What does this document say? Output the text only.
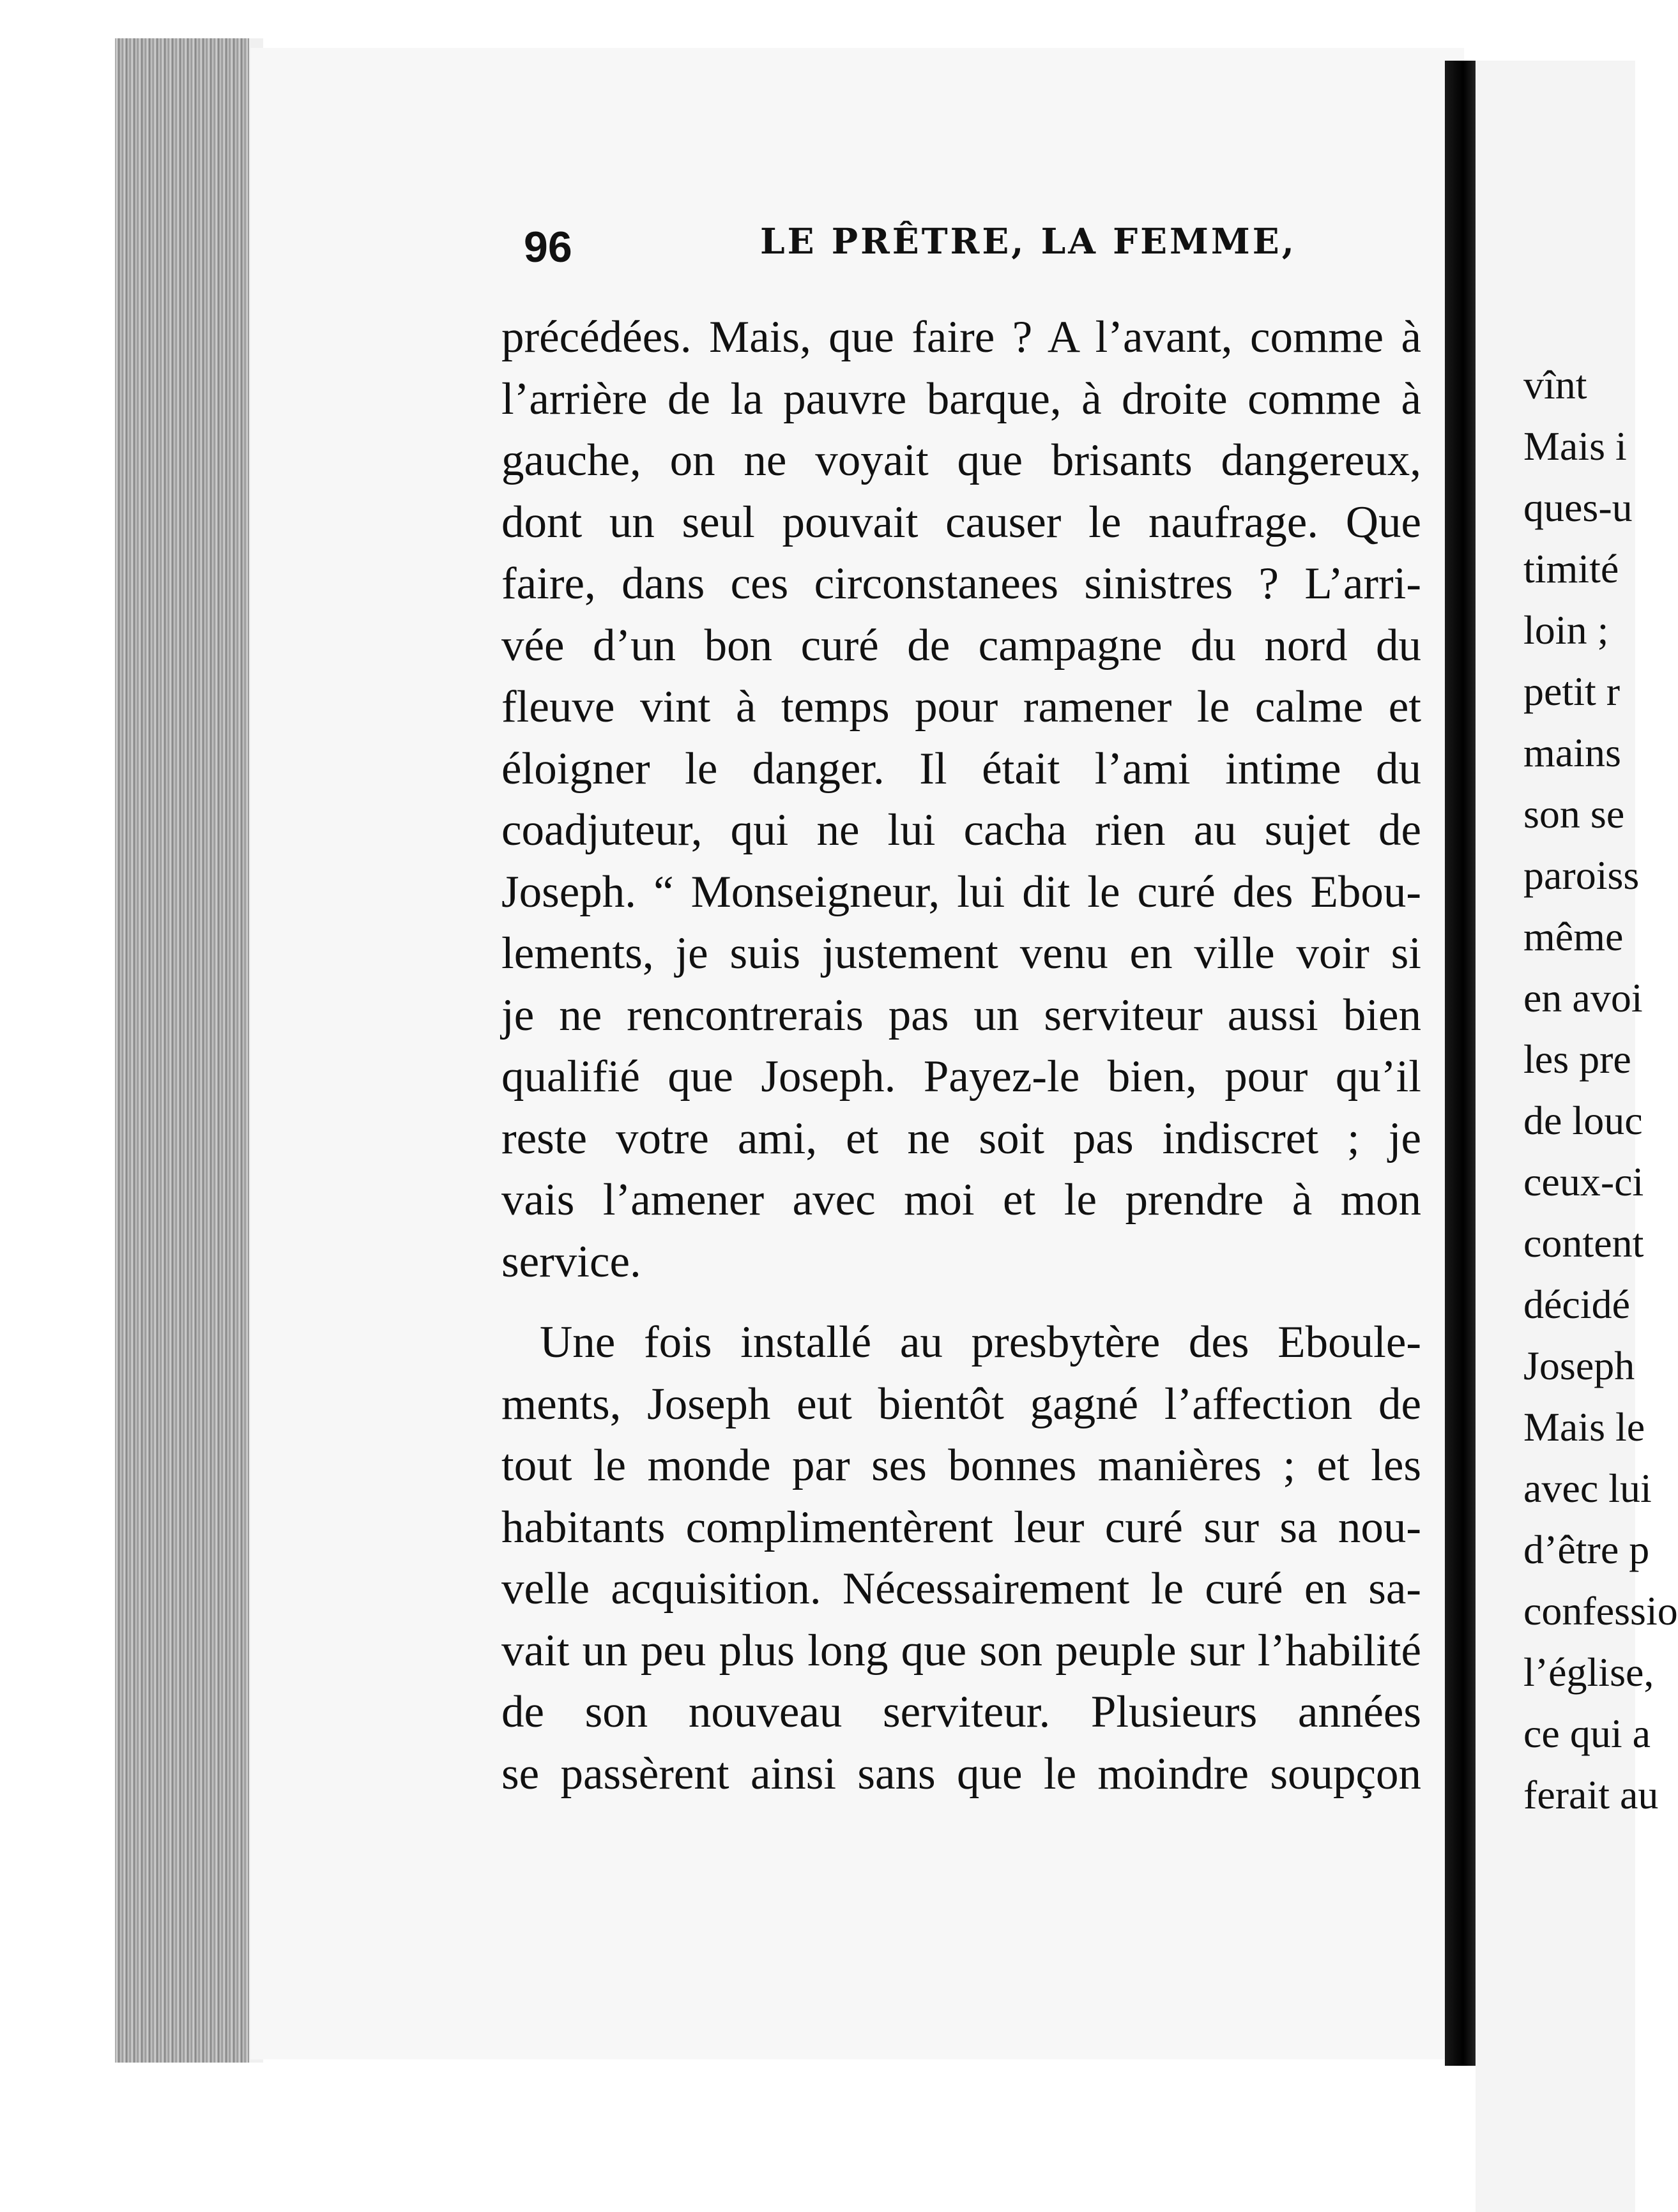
96	LE PRÊTRE, LA FEMME,

précédées. Mais, que faire ? A l’avant, comme à
l’arrière de la pauvre barque, à droite comme à
gauche, on ne voyait que brisants dangereux,
dont un seul pouvait causer le naufrage. Que
faire, dans ces circonstanees sinistres ? L’arri-
vée d’un bon curé de campagne du nord du
fleuve vint à temps pour ramener le calme et
éloigner le danger. Il était l’ami intime du
coadjuteur, qui ne lui cacha rien au sujet de
Joseph. “ Monseigneur, lui dit le curé des Ebou-
lements, je suis justement venu en ville voir si
je ne rencontrerais pas un serviteur aussi bien
qualifié que Joseph. Payez-le bien, pour qu’il
reste votre ami, et ne soit pas indiscret ; je
vais l’amener avec moi et le prendre à mon
service.
Une fois installé au presbytère des Eboule-
ments, Joseph eut bientôt gagné l’affection de
tout le monde par ses bonnes manières ; et les
habitants complimentèrent leur curé sur sa nou-
velle acquisition. Nécessairement le curé en sa-
vait un peu plus long que son peuple sur l’habilité
de son nouveau serviteur. Plusieurs années
se passèrent ainsi sans que le moindre soupçon
vînt
Mais i
ques-u
timité
loin ;
petit r
mains
son se
paroiss
même
en avoi
les pre
de louc
ceux-ci
content
décidé
Joseph
Mais le
avec lui
d’être p
confessio
l’église,
ce qui a
ferait au
